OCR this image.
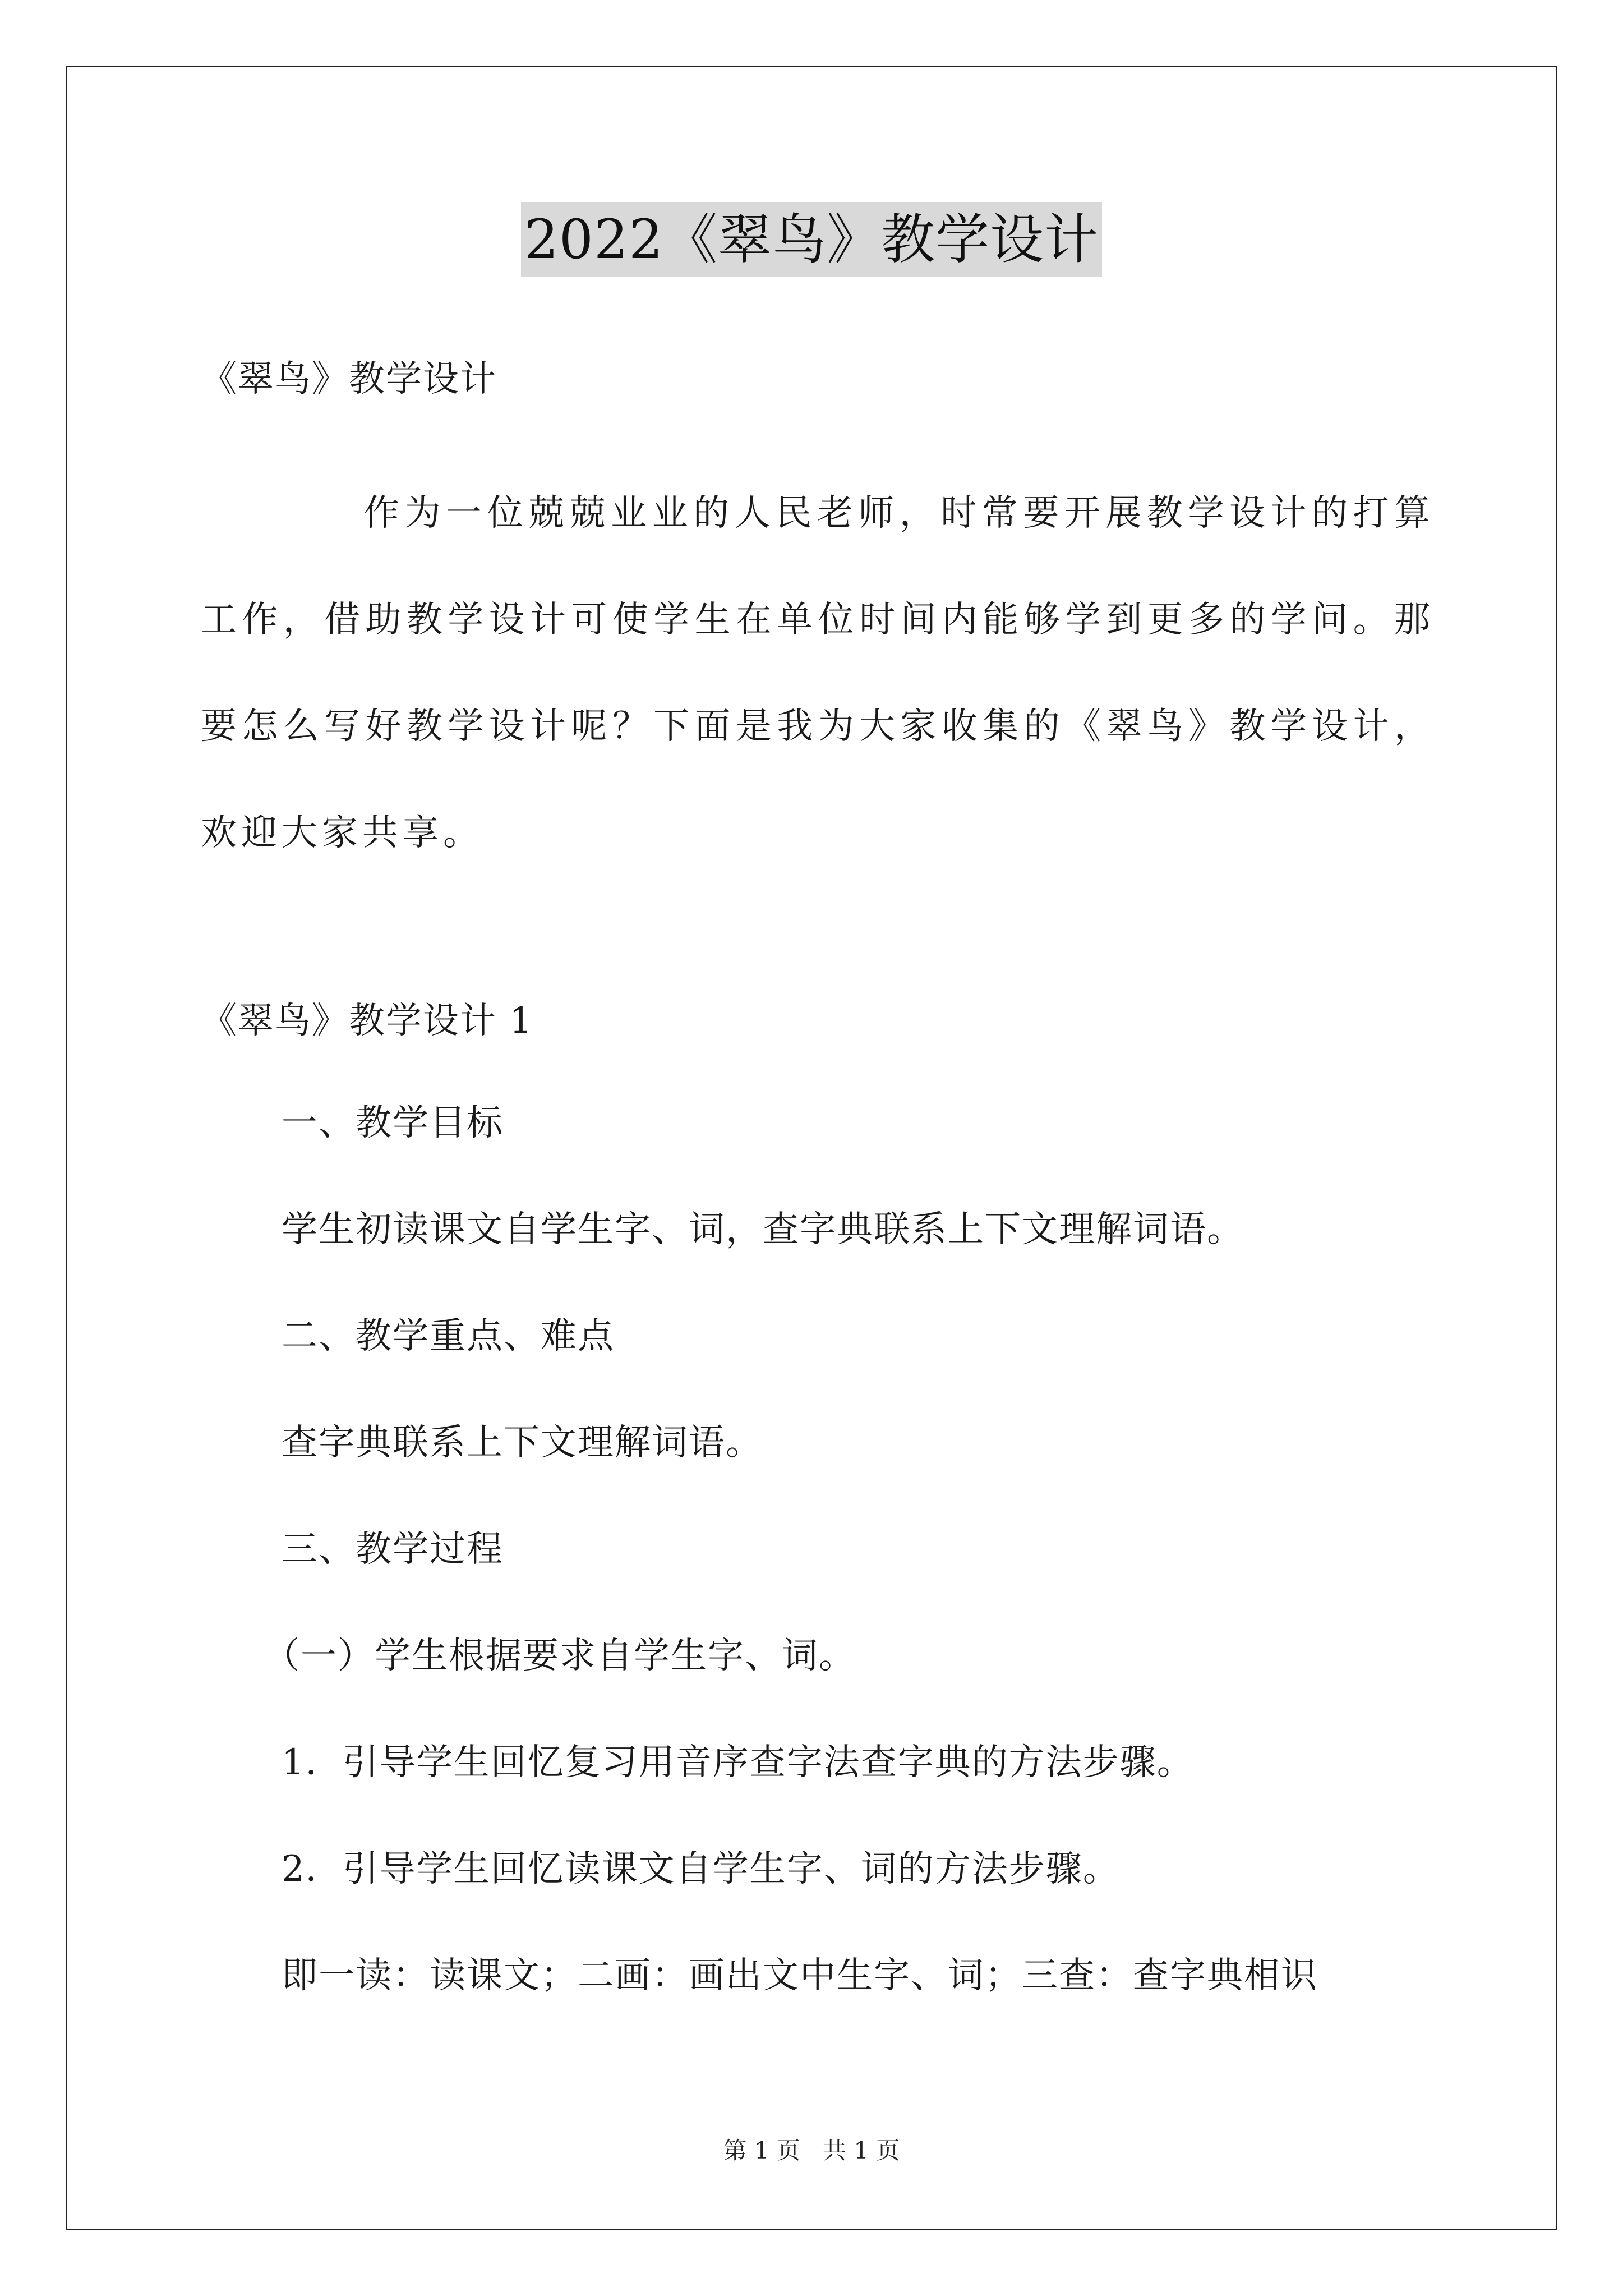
2022《翠鸟》教学设计
《翠鸟》教学设计
作为一位兢兢业业的人民老师，时常要开展教学设计的打算工作，借助教学设计可使学生在单位时间内能够学到更多的学问。那要怎么写好教学设计呢？下面是我为大家收集的《翠鸟》教学设计，欢迎大家共享。
《翠鸟》教学设计 1
一、教学目标
学生初读课文自学生字、词，查字典联系上下文理解词语。
二、教学重点、难点
查字典联系上下文理解词语。
三、教学过程
（一）学生根据要求自学生字、词。
1．引导学生回忆复习用音序查字法查字典的方法步骤。
2．引导学生回忆读课文自学生字、词的方法步骤。
即一读：读课文；二画：画出文中生字、词；三查：查字典相识
第 1 页 共 1 页
